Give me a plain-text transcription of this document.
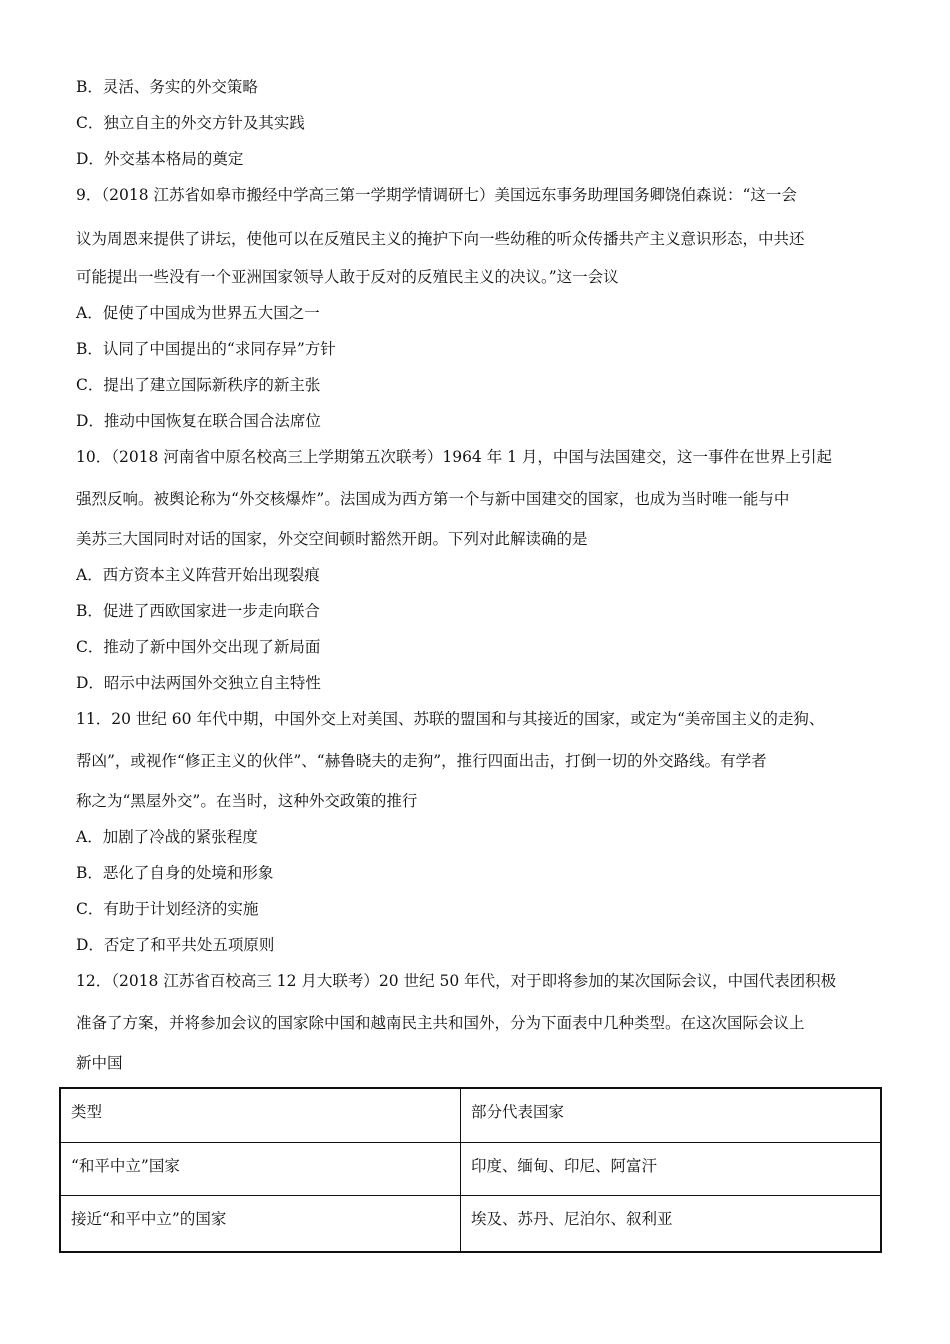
B．灵活、务实的外交策略
C．独立自主的外交方针及其实践
D．外交基本格局的奠定
9．（2018 江苏省如皋市搬经中学高三第一学期学情调研七）美国远东事务助理国务卿饶伯森说：“这一会
议为周恩来提供了讲坛，使他可以在反殖民主义的掩护下向一些幼稚的听众传播共产主义意识形态，中共还
可能提出一些没有一个亚洲国家领导人敢于反对的反殖民主义的决议。”这一会议
A．促使了中国成为世界五大国之一
B．认同了中国提出的“求同存异”方针
C．提出了建立国际新秩序的新主张
D．推动中国恢复在联合国合法席位
10．（2018 河南省中原名校高三上学期第五次联考）1964 年 1 月，中国与法国建交，这一事件在世界上引起
强烈反响。被舆论称为“外交核爆炸”。法国成为西方第一个与新中国建交的国家，也成为当时唯一能与中
美苏三大国同时对话的国家，外交空间顿时豁然开朗。下列对此解读确的是
A．西方资本主义阵营开始出现裂痕
B．促进了西欧国家进一步走向联合
C．推动了新中国外交出现了新局面
D．昭示中法两国外交独立自主特性
11．20 世纪 60 年代中期，中国外交上对美国、苏联的盟国和与其接近的国家，或定为“美帝国主义的走狗、
帮凶”，或视作“修正主义的伙伴”、“赫鲁晓夫的走狗”，推行四面出击，打倒一切的外交路线。有学者
称之为“黑屋外交”。在当时，这种外交政策的推行
A．加剧了冷战的紧张程度
B．恶化了自身的处境和形象
C．有助于计划经济的实施
D．否定了和平共处五项原则
12．（2018 江苏省百校高三 12 月大联考）20 世纪 50 年代，对于即将参加的某次国际会议，中国代表团积极
准备了方案，并将参加会议的国家除中国和越南民主共和国外，分为下面表中几种类型。在这次国际会议上
新中国
类型	部分代表国家
“和平中立”国家	印度、缅甸、印尼、阿富汗
接近“和平中立”的国家	埃及、苏丹、尼泊尔、叙利亚
